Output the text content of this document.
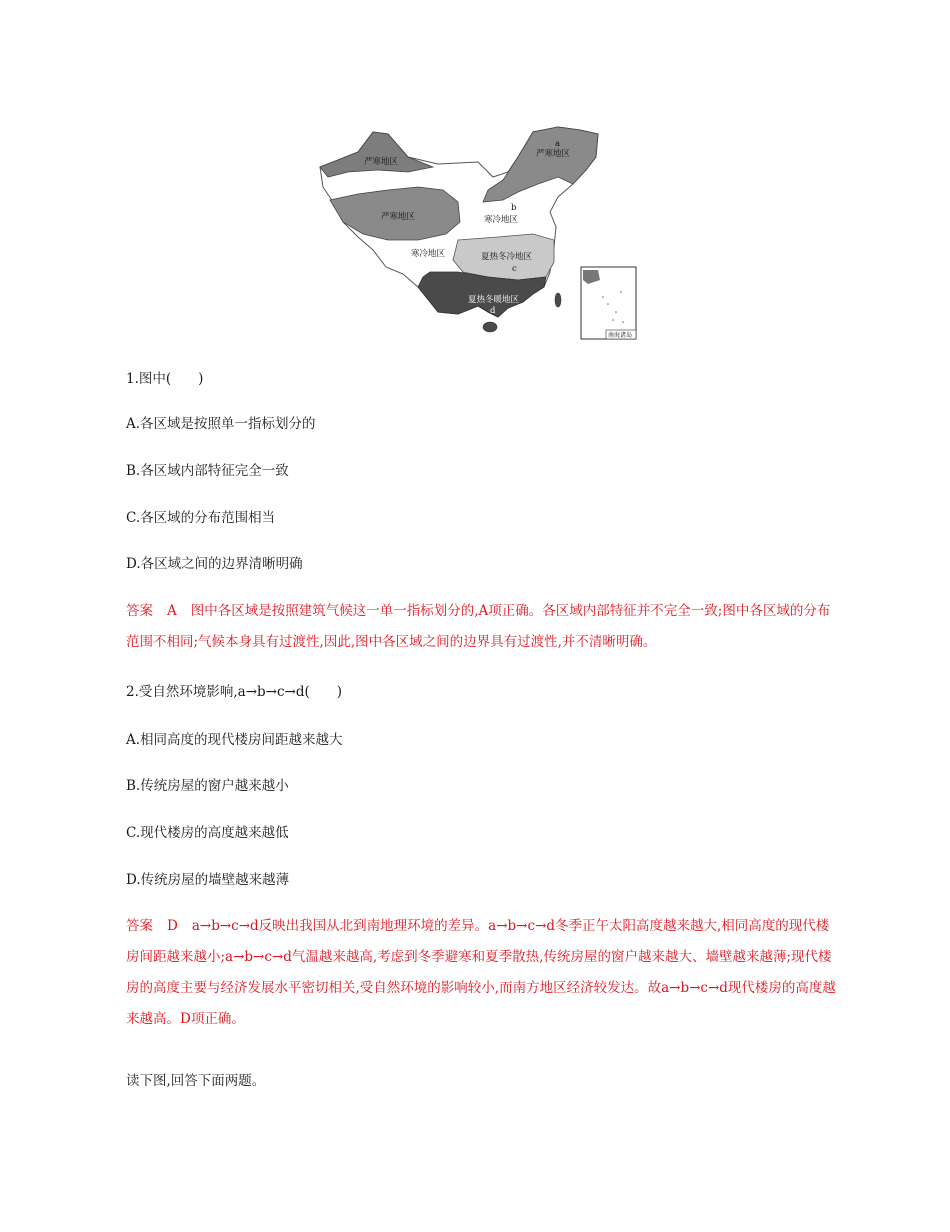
南海诸岛
严寒地区
a
严寒地区
严寒地区
b
寒冷地区
寒冷地区	夏热冬冷地区
c
夏热冬暖地区
d

1.图中(　　)

A.各区域是按照单一指标划分的

B.各区域内部特征完全一致

C.各区域的分布范围相当

D.各区域之间的边界清晰明确

答案 A 图中各区域是按照建筑气候这一单一指标划分的,A项正确。各区域内部特征并不完全一致;图中各区域的分布范围不相同;气候本身具有过渡性,因此,图中各区域之间的边界具有过渡性,并不清晰明确。

2.受自然环境影响,a→b→c→d(　　)

A.相同高度的现代楼房间距越来越大

B.传统房屋的窗户越来越小

C.现代楼房的高度越来越低

D.传统房屋的墙壁越来越薄

答案 D a→b→c→d反映出我国从北到南地理环境的差异。a→b→c→d冬季正午太阳高度越来越大,相同高度的现代楼房间距越来越小;a→b→c→d气温越来越高,考虑到冬季避寒和夏季散热,传统房屋的窗户越来越大、墙壁越来越薄;现代楼房的高度主要与经济发展水平密切相关,受自然环境的影响较小,而南方地区经济较发达。故a→b→c→d现代楼房的高度越来越高。D项正确。

读下图,回答下面两题。
